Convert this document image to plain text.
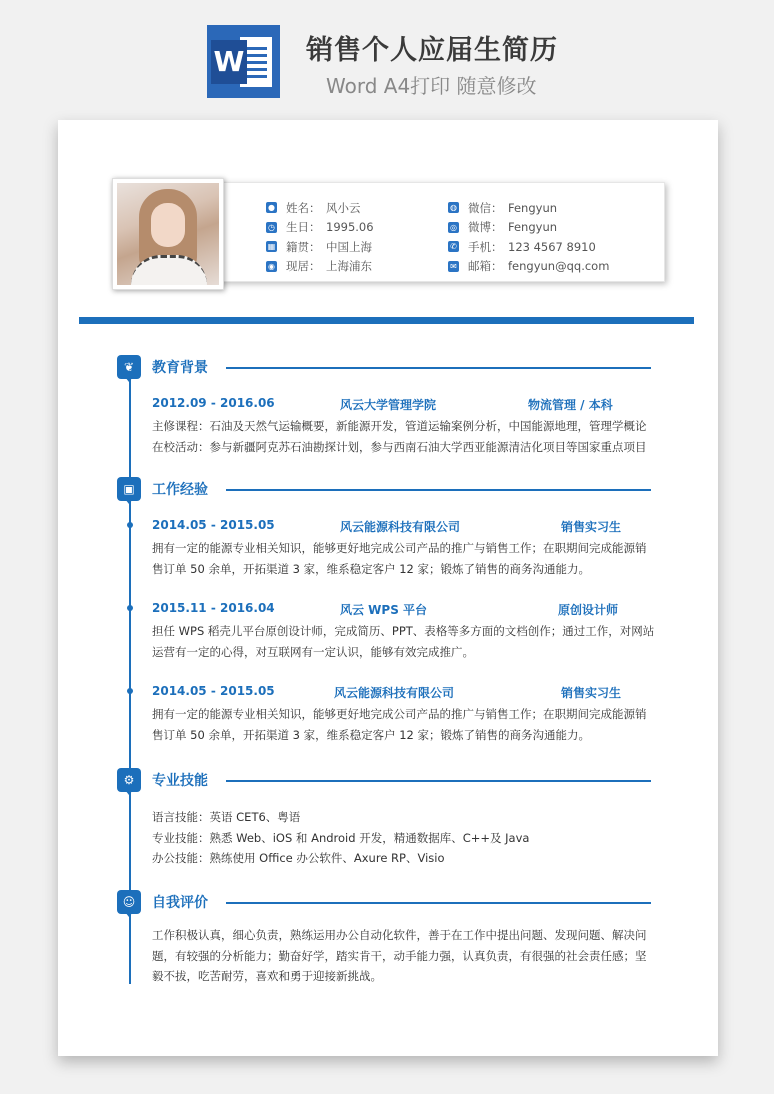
W 销售个人应届生简历
Word A4打印 随意修改
● 姓名： 风小云
◷ 生日： 1995.06
▦ 籍贯： 中国上海
◉ 现居： 上海浦东
◍ 微信： Fengyun
◎ 微博： Fengyun
✆ 手机： 123 4567 8910
✉ 邮箱： fengyun@qq.com
❦	教育背景
2012.09 - 2016.06	风云大学管理学院	物流管理 / 本科

主修课程：石油及天然气运输概要，新能源开发，管道运输案例分析，中国能源地理，管理学概论

在校活动：参与新疆阿克苏石油勘探计划，参与西南石油大学西亚能源清洁化项目等国家重点项目

▣	工作经验
2014.05 - 2015.05	风云能源科技有限公司	销售实习生

拥有一定的能源专业相关知识，能够更好地完成公司产品的推广与销售工作；在职期间完成能源销

售订单 50 余单，开拓渠道 3 家，维系稳定客户 12 家；锻炼了销售的商务沟通能力。

2015.11 - 2016.04	风云 WPS 平台	原创设计师

担任 WPS 稻壳儿平台原创设计师，完成简历、PPT、表格等多方面的文档创作；通过工作，对网站

运营有一定的心得，对互联网有一定认识，能够有效完成推广。

2014.05 - 2015.05	风云能源科技有限公司	销售实习生

拥有一定的能源专业相关知识，能够更好地完成公司产品的推广与销售工作；在职期间完成能源销

售订单 50 余单，开拓渠道 3 家，维系稳定客户 12 家；锻炼了销售的商务沟通能力。

⚙	专业技能

语言技能：英语 CET6、粤语

专业技能：熟悉 Web、iOS 和 Android 开发，精通数据库、C++及 Java

办公技能：熟练使用 Office 办公软件、Axure RP、Visio

☺	自我评价

工作积极认真，细心负责，熟练运用办公自动化软件，善于在工作中提出问题、发现问题、解决问

题，有较强的分析能力；勤奋好学，踏实肯干，动手能力强，认真负责，有很强的社会责任感；坚

毅不拔，吃苦耐劳，喜欢和勇于迎接新挑战。
